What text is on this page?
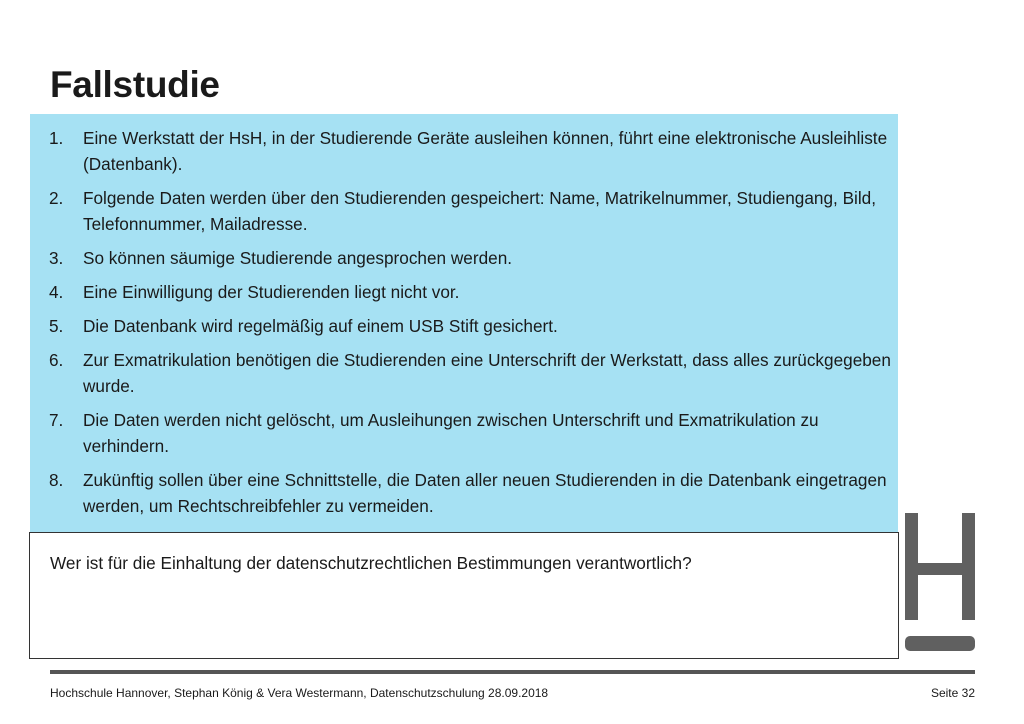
Fallstudie
1. Eine Werkstatt der HsH, in der Studierende Geräte ausleihen können, führt eine elektronische Ausleihliste (Datenbank).
2. Folgende Daten werden über den Studierenden gespeichert: Name, Matrikelnummer, Studiengang, Bild, Telefonnummer, Mailadresse.
3. So können säumige Studierende angesprochen werden.
4. Eine Einwilligung der Studierenden liegt nicht vor.
5. Die Datenbank wird regelmäßig auf einem USB Stift gesichert.
6. Zur Exmatrikulation benötigen die Studierenden eine Unterschrift der Werkstatt, dass alles zurückgegeben wurde.
7. Die Daten werden nicht gelöscht, um Ausleihungen zwischen Unterschrift und Exmatrikulation zu verhindern.
8. Zukünftig sollen über eine Schnittstelle, die Daten aller neuen Studierenden in die Datenbank eingetragen werden, um Rechtschreibfehler zu vermeiden.
Wer ist für die Einhaltung der datenschutzrechtlichen Bestimmungen verantwortlich?
Hochschule Hannover, Stephan König & Vera Westermann, Datenschutzschulung 28.09.2018	Seite 32
